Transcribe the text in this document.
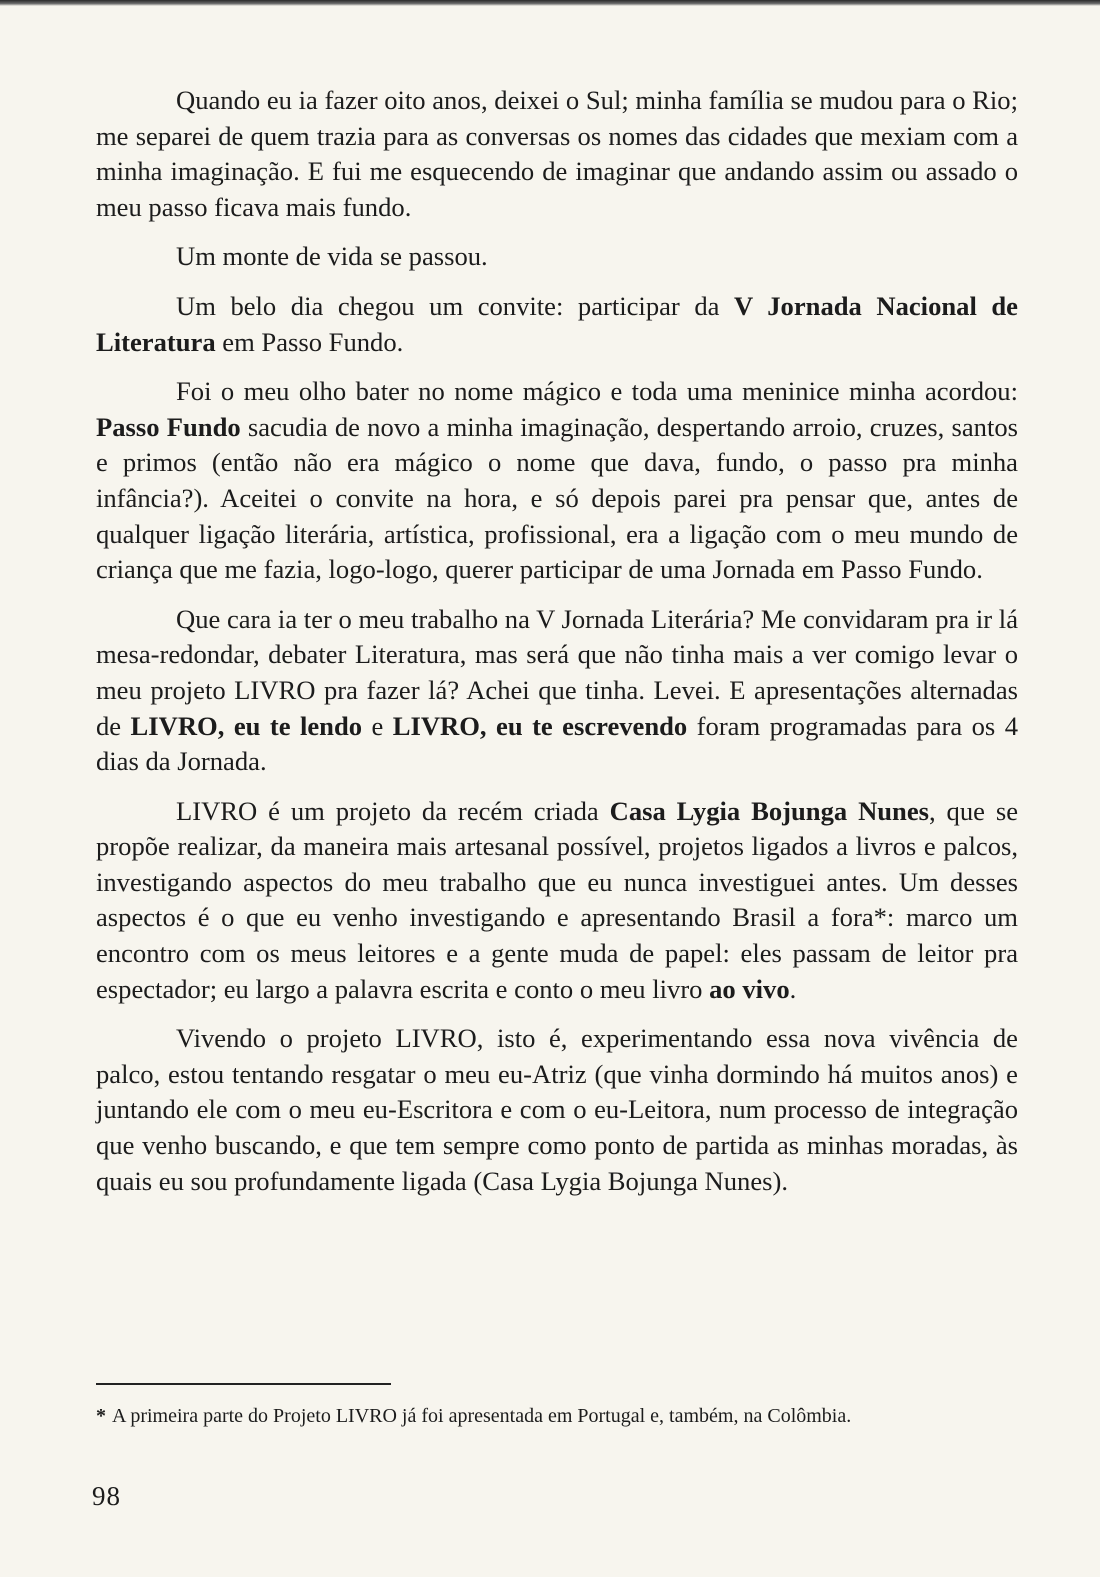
Quando eu ia fazer oito anos, deixei o Sul; minha família se mudou para o Rio; me separei de quem trazia para as conversas os nomes das cidades que mexiam com a minha imaginação. E fui me esquecendo de imaginar que andando assim ou assado o meu passo ficava mais fundo.

Um monte de vida se passou.

Um belo dia chegou um convite: participar da V Jornada Nacional de Literatura em Passo Fundo.

Foi o meu olho bater no nome mágico e toda uma meninice minha acordou: Passo Fundo sacudia de novo a minha imaginação, despertando arroio, cruzes, santos e primos (então não era mágico o nome que dava, fundo, o passo pra minha infância?). Aceitei o convite na hora, e só depois parei pra pensar que, antes de qualquer ligação literária, artística, profissional, era a ligação com o meu mundo de criança que me fazia, logo-logo, querer participar de uma Jornada em Passo Fundo.

Que cara ia ter o meu trabalho na V Jornada Literária? Me convidaram pra ir lá mesa-redondar, debater Literatura, mas será que não tinha mais a ver comigo levar o meu projeto LIVRO pra fazer lá? Achei que tinha. Levei. E apresentações alternadas de LIVRO, eu te lendo e LIVRO, eu te escrevendo foram programadas para os 4 dias da Jornada.

LIVRO é um projeto da recém criada Casa Lygia Bojunga Nunes, que se propõe realizar, da maneira mais artesanal possível, projetos ligados a livros e palcos, investigando aspectos do meu trabalho que eu nunca investiguei antes. Um desses aspectos é o que eu venho investigando e apresentando Brasil a fora*: marco um encontro com os meus leitores e a gente muda de papel: eles passam de leitor pra espectador; eu largo a palavra escrita e conto o meu livro ao vivo.

Vivendo o projeto LIVRO, isto é, experimentando essa nova vivência de palco, estou tentando resgatar o meu eu-Atriz (que vinha dormindo há muitos anos) e juntando ele com o meu eu-Escritora e com o eu-Leitora, num processo de integração que venho buscando, e que tem sempre como ponto de partida as minhas moradas, às quais eu sou profundamente ligada (Casa Lygia Bojunga Nunes).

* A primeira parte do Projeto LIVRO já foi apresentada em Portugal e, também, na Colômbia.
98
